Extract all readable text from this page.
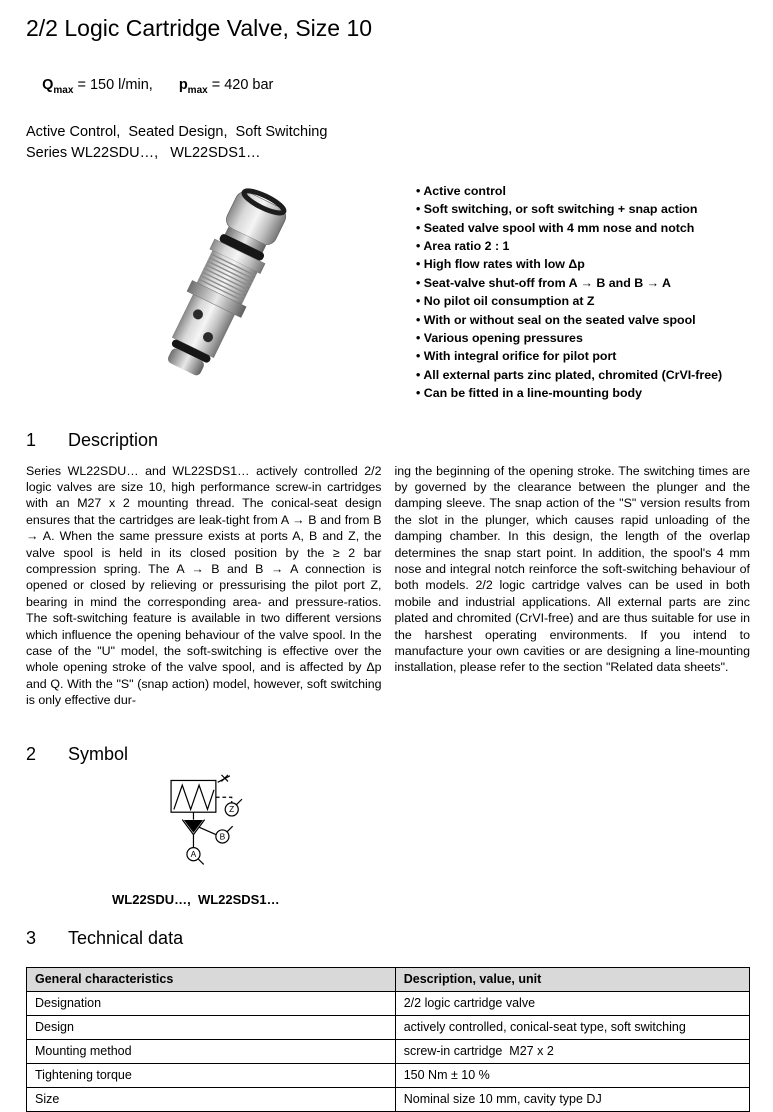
2/2 Logic Cartridge Valve, Size 10

$Q_{max} = 150$ l/min, $p_{max} = 420$ bar

Active Control,  Seated Design,  Soft Switching
Series WL22SDU…,   WL22SDS1…
• Active control
• Soft switching, or soft switching + snap action
• Seated valve spool with 4 mm nose and notch
• Area ratio 2 : 1
• High flow rates with low Δp
• Seat-valve shut-off from A → B and B → A
• No pilot oil consumption at Z
• With or without seal on the seated valve spool
• Various opening pressures
• With integral orifice for pilot port
• All external parts zinc plated, chromited (CrVI-free)
• Can be fitted in a line-mounting body
1	Description
Series WL22SDU… and WL22SDS1… actively controlled 2/2 logic valves are size 10, high performance screw-in cartridges with an M27 x 2 mounting thread. The conical-seat design ensures that the cartridges are leak-tight from A → B and from B → A. When the same pressure exists at ports A, B and Z, the valve spool is held in its closed position by the ≥ 2 bar compression spring. The A → B and B → A connection is opened or closed by relieving or pressurising the pilot port Z, bearing in mind the corresponding area- and pressure-ratios. The soft-switching feature is available in two different versions which influence the opening behaviour of the valve spool. In the case of the "U" model, the soft-switching is effective over the whole opening stroke of the valve spool, and is affected by Δp and Q. With the "S" (snap action) model, however, soft switching is only effective dur-
ing the beginning of the opening stroke. The switching times are by governed by the clearance between the plunger and the damping sleeve. The snap action of the "S" version results from the slot in the plunger, which causes rapid unloading of the damping chamber. In this design, the length of the overlap determines the snap start point. In addition, the spool's 4 mm nose and integral notch reinforce the soft-switching behaviour of both models. 2/2 logic cartridge valves can be used in both mobile and industrial applications. All external parts are zinc plated and chromited (CrVI-free) and are thus suitable for use in the harshest operating environments. If you intend to manufacture your own cavities or are designing a line-mounting installation, please refer to the section "Related data sheets".
2	Symbol
Z
B
A
WL22SDU…,  WL22SDS1…
3	Technical data
General characteristics	Description, value, unit
Designation	2/2 logic cartridge valve
Design	actively controlled, conical-seat type, soft switching
Mounting method	screw-in cartridge  M27 x 2
Tightening torque	150 Nm ± 10 %
Size	Nominal size 10 mm, cavity type DJ
